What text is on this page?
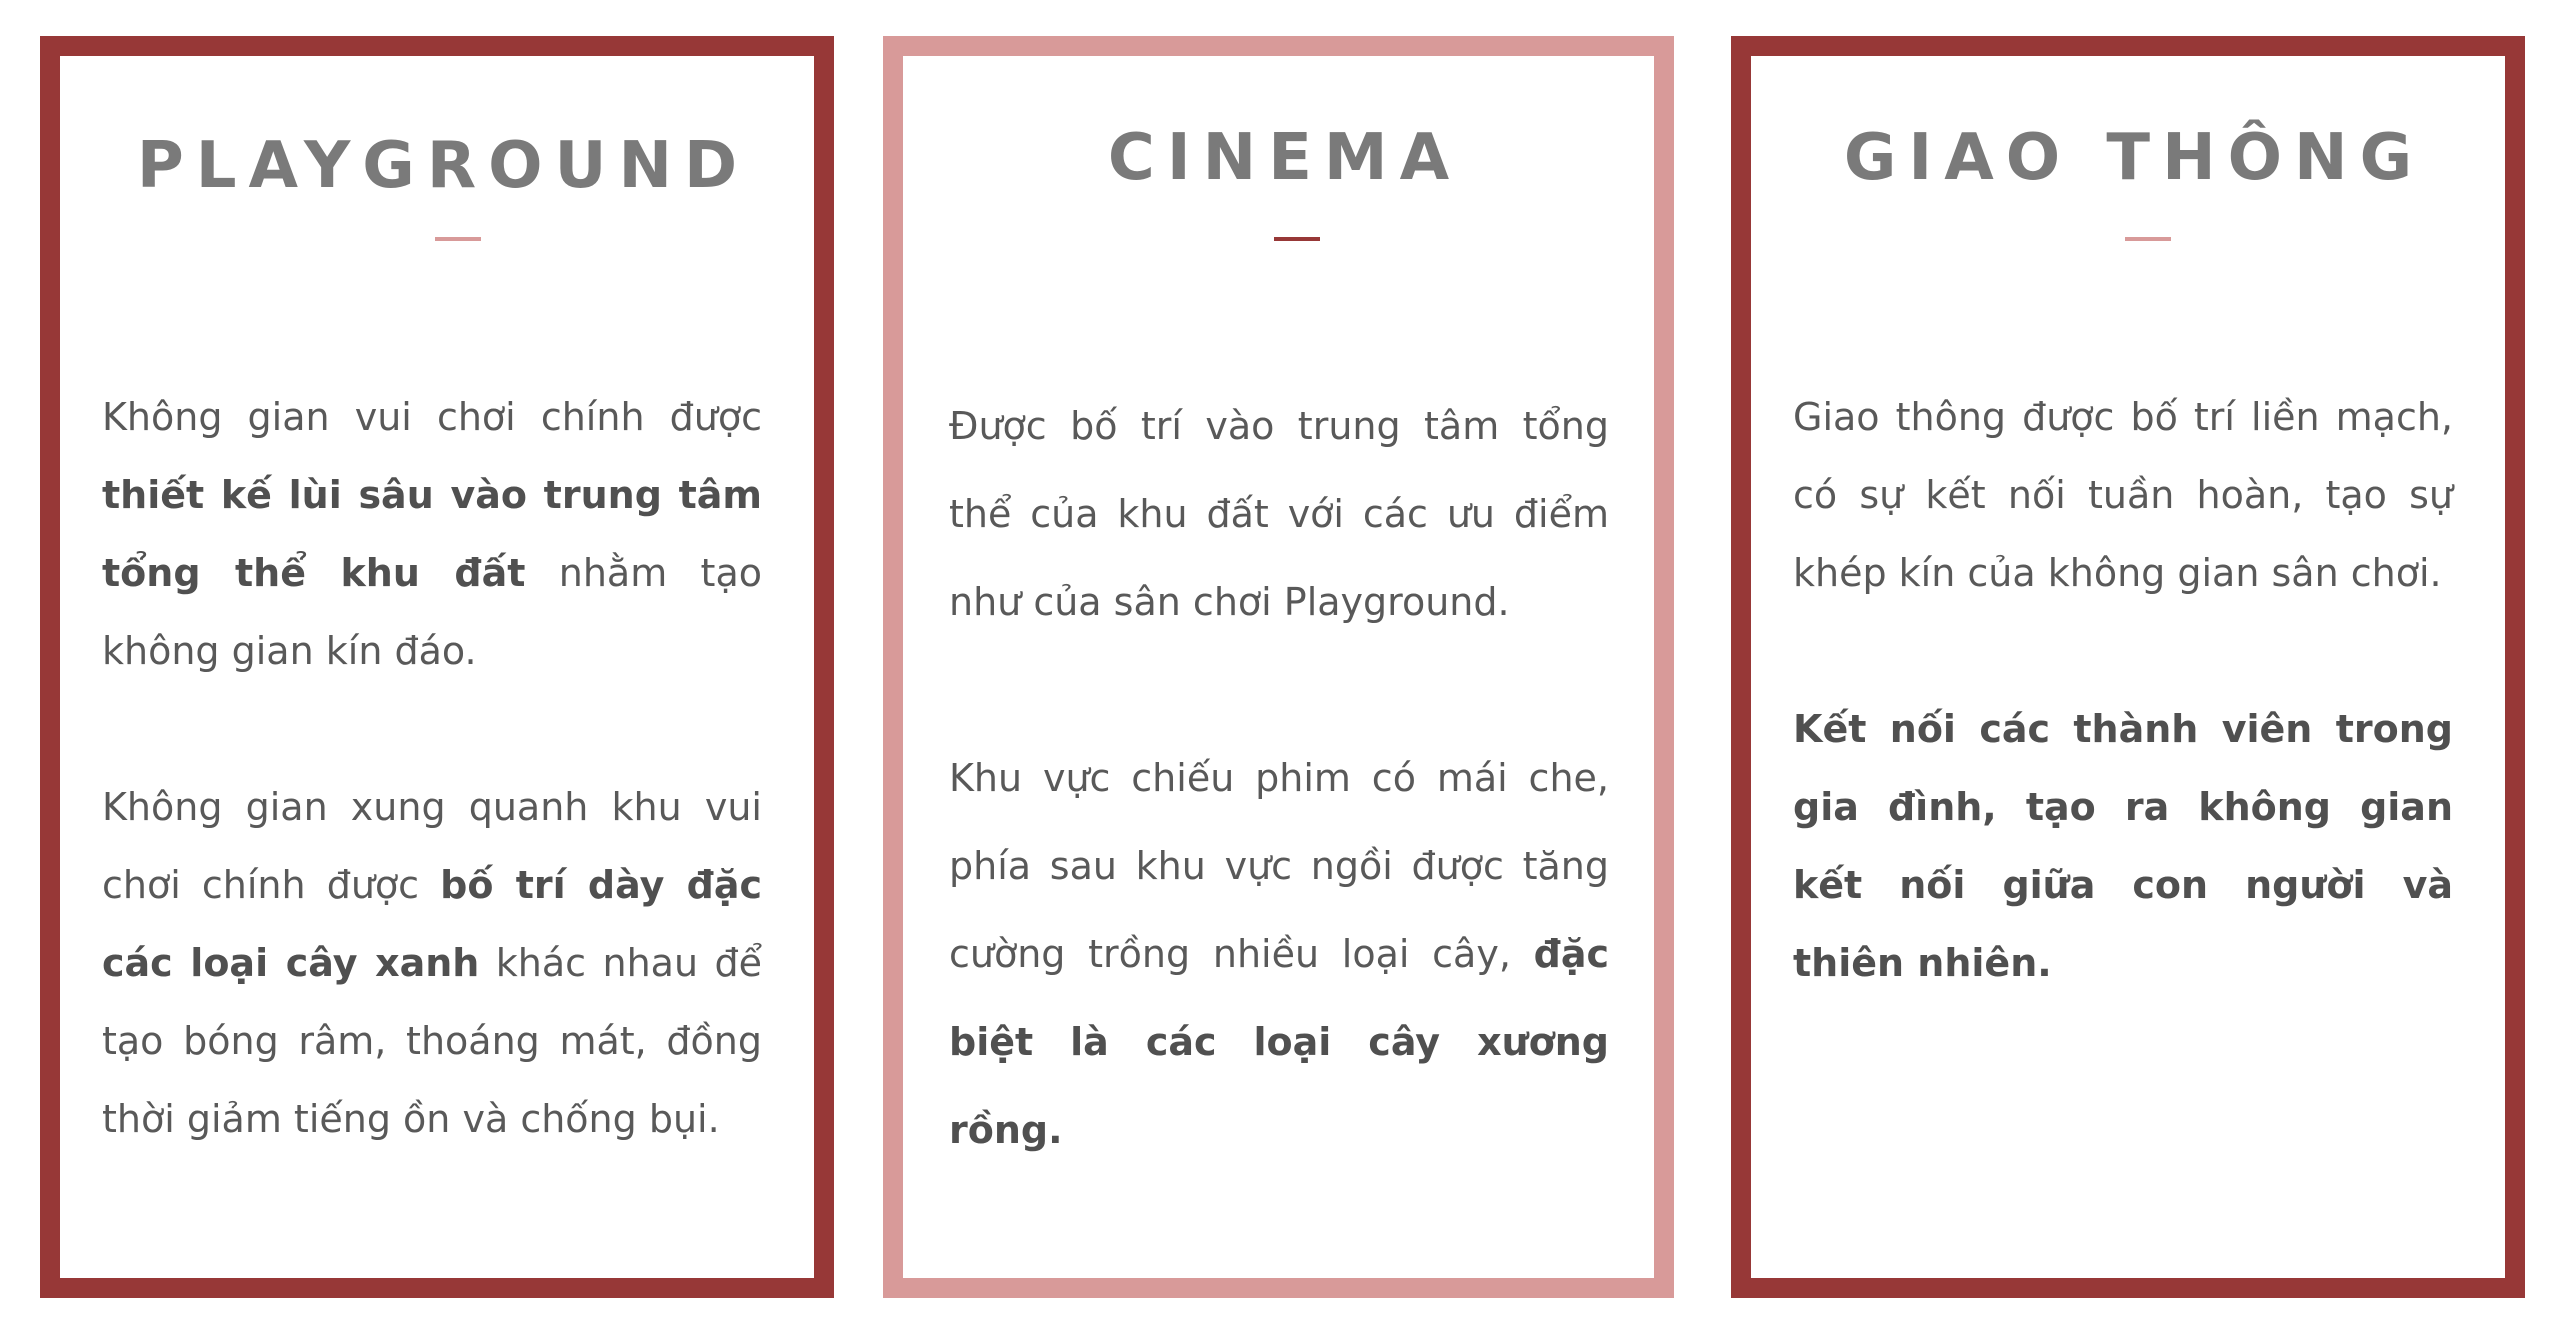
PLAYGROUND

Không gian vui chơi chính được thiết kế lùi sâu vào trung tâm tổng thể khu đất nhằm tạo không gian kín đáo.

Không gian xung quanh khu vui chơi chính được bố trí dày đặc các loại cây xanh khác nhau để tạo bóng râm, thoáng mát, đồng thời giảm tiếng ồn và chống bụi.

CINEMA

Được bố trí vào trung tâm tổng thể của khu đất với các ưu điểm như của sân chơi Playground.

Khu vực chiếu phim có mái che, phía sau khu vực ngồi được tăng cường trồng nhiều loại cây, đặc biệt là các loại cây xương rồng.

GIAO THÔNG

Giao thông được bố trí liền mạch, có sự kết nối tuần hoàn, tạo sự khép kín của không gian sân chơi.

Kết nối các thành viên trong gia đình, tạo ra không gian kết nối giữa con người và thiên nhiên.
